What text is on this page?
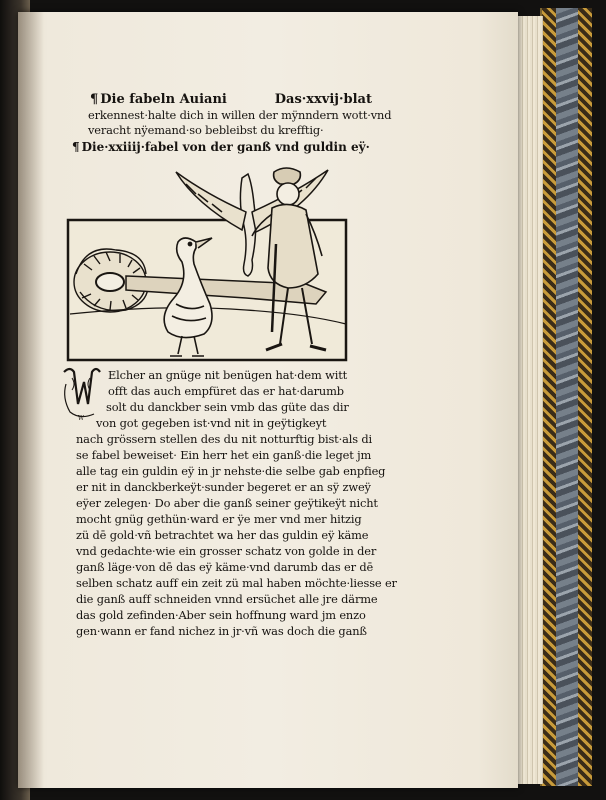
¶ Die fabeln Auiani	Das·xxvij·blat
erkennest·halte dich in willen der mÿnndern wott·vnd
veracht nÿemand·so bebleibst du krefftig·
¶ Die·xxiiij·fabel von der ganß vnd guldin eÿ·
W
Elcher an gnüge nit benügen hat·dem witt
offt das auch empfüret das er hat·darumb
solt du danckber sein vmb das güte das dir
von got gegeben ist·vnd nit in geÿtigkeyt
nach grössern stellen des du nit notturftig bist·als di
se fabel beweiset· Ein herr het ein ganß·die leget jm
alle tag ein guldin eÿ in jr nehste·die selbe gab enpfieg
er nit in danckberkeÿt·sunder begeret er an sÿ zweÿ
eÿer zelegen· Do aber die ganß seiner geÿtikeÿt nicht
mocht gnüg gethün·ward er ÿe mer vnd mer hitzig
zü dē gold·vñ betrachtet wa her das guldin eÿ käme
vnd gedachte·wie ein grosser schatz von golde in der
ganß läge·von dē das eÿ käme·vnd darumb das er dē
selben schatz auff ein zeit zü mal haben möchte·liesse er
die ganß auff schneiden vnnd ersüchet alle jre därme
das gold zefinden·Aber sein hoffnung ward jm enzo
gen·wann er fand nichez in jr·vñ was doch die ganß
